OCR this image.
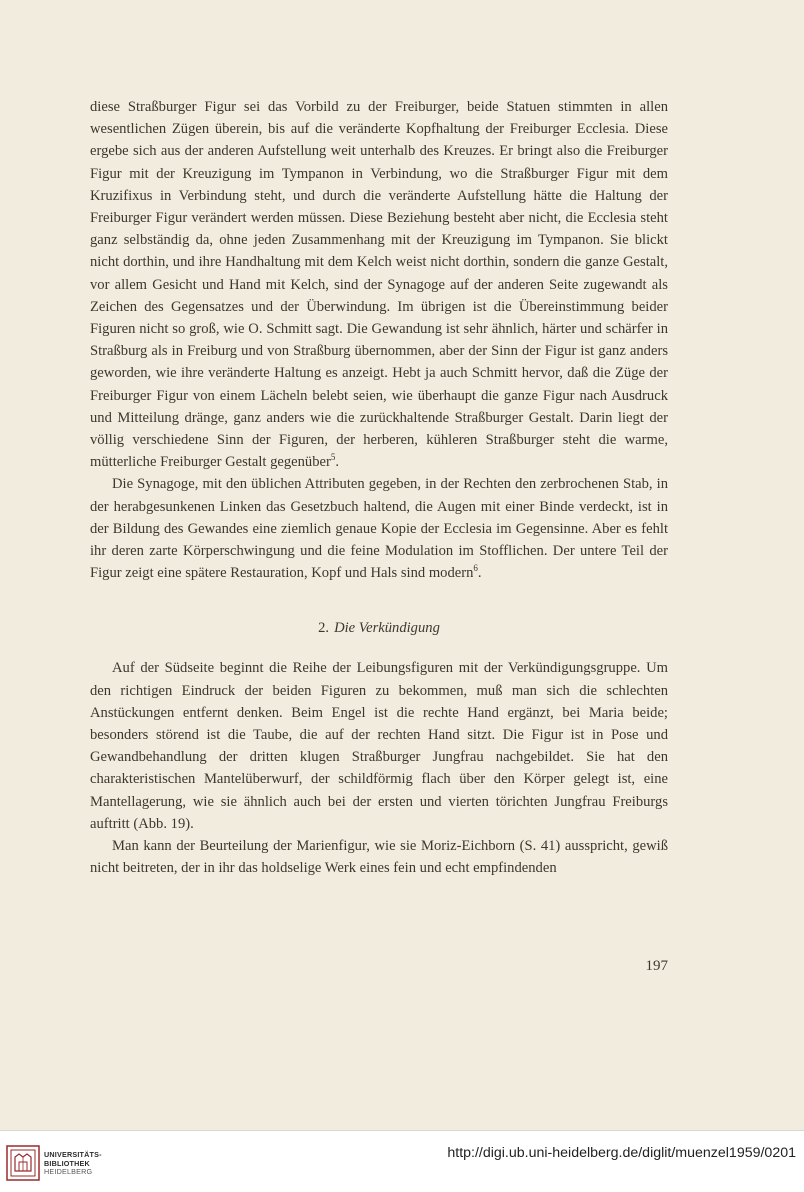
diese Straßburger Figur sei das Vorbild zu der Freiburger, beide Statuen stimmten in allen wesentlichen Zügen überein, bis auf die veränderte Kopfhaltung der Freiburger Ecclesia. Diese ergebe sich aus der anderen Aufstellung weit unterhalb des Kreuzes. Er bringt also die Freiburger Figur mit der Kreuzigung im Tympanon in Verbindung, wo die Straßburger Figur mit dem Kruzifixus in Verbindung steht, und durch die veränderte Aufstellung hätte die Haltung der Freiburger Figur verändert werden müssen. Diese Beziehung besteht aber nicht, die Ecclesia steht ganz selbständig da, ohne jeden Zusammenhang mit der Kreuzigung im Tympanon. Sie blickt nicht dorthin, und ihre Handhaltung mit dem Kelch weist nicht dorthin, sondern die ganze Gestalt, vor allem Gesicht und Hand mit Kelch, sind der Synagoge auf der anderen Seite zugewandt als Zeichen des Gegensatzes und der Überwindung. Im übrigen ist die Übereinstimmung beider Figuren nicht so groß, wie O. Schmitt sagt. Die Gewandung ist sehr ähnlich, härter und schärfer in Straßburg als in Freiburg und von Straßburg übernommen, aber der Sinn der Figur ist ganz anders geworden, wie ihre veränderte Haltung es anzeigt. Hebt ja auch Schmitt hervor, daß die Züge der Freiburger Figur von einem Lächeln belebt seien, wie überhaupt die ganze Figur nach Ausdruck und Mitteilung dränge, ganz anders wie die zurückhaltende Straßburger Gestalt. Darin liegt der völlig verschiedene Sinn der Figuren, der herberen, kühleren Straßburger steht die warme, mütterliche Freiburger Gestalt gegenüber$^5$.

Die Synagoge, mit den üblichen Attributen gegeben, in der Rechten den zerbrochenen Stab, in der herabgesunkenen Linken das Gesetzbuch haltend, die Augen mit einer Binde verdeckt, ist in der Bildung des Gewandes eine ziemlich genaue Kopie der Ecclesia im Gegensinne. Aber es fehlt ihr deren zarte Körperschwingung und die feine Modulation im Stofflichen. Der untere Teil der Figur zeigt eine spätere Restauration, Kopf und Hals sind modern$^6$.

2. Die Verkündigung

Auf der Südseite beginnt die Reihe der Leibungsfiguren mit der Verkündigungsgruppe. Um den richtigen Eindruck der beiden Figuren zu bekommen, muß man sich die schlechten Anstückungen entfernt denken. Beim Engel ist die rechte Hand ergänzt, bei Maria beide; besonders störend ist die Taube, die auf der rechten Hand sitzt. Die Figur ist in Pose und Gewandbehandlung der dritten klugen Straßburger Jungfrau nachgebildet. Sie hat den charakteristischen Mantelüberwurf, der schildförmig flach über den Körper gelegt ist, eine Mantellagerung, wie sie ähnlich auch bei der ersten und vierten törichten Jungfrau Freiburgs auftritt (Abb. 19).

Man kann der Beurteilung der Marienfigur, wie sie Moriz-Eichborn (S. 41) ausspricht, gewiß nicht beitreten, der in ihr das holdselige Werk eines fein und echt empfindenden

197
UNIVERSITÄTS-
BIBLIOTHEK
HEIDELBERG
http://digi.ub.uni-heidelberg.de/diglit/muenzel1959/0201
